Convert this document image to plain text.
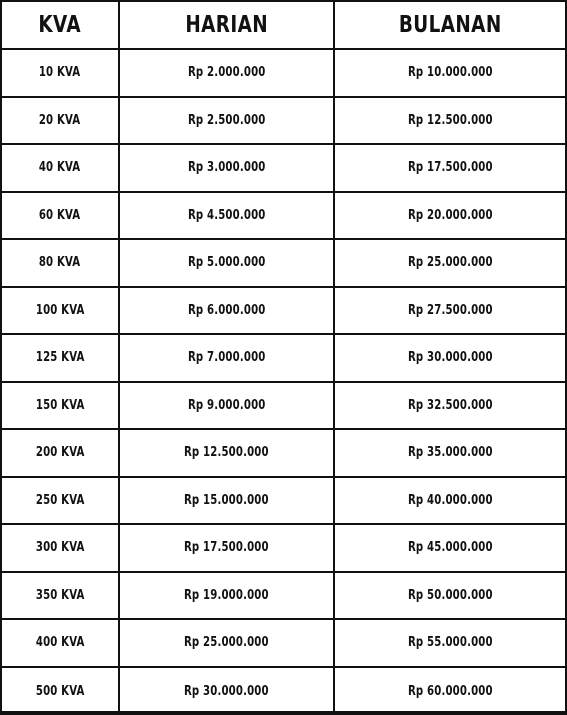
KVA	HARIAN	BULANAN
10 KVA	Rp 2.000.000	Rp 10.000.000
20 KVA	Rp 2.500.000	Rp 12.500.000
40 KVA	Rp 3.000.000	Rp 17.500.000
60 KVA	Rp 4.500.000	Rp 20.000.000
80 KVA	Rp 5.000.000	Rp 25.000.000
100 KVA	Rp 6.000.000	Rp 27.500.000
125 KVA	Rp 7.000.000	Rp 30.000.000
150 KVA	Rp 9.000.000	Rp 32.500.000
200 KVA	Rp 12.500.000	Rp 35.000.000
250 KVA	Rp 15.000.000	Rp 40.000.000
300 KVA	Rp 17.500.000	Rp 45.000.000
350 KVA	Rp 19.000.000	Rp 50.000.000
400 KVA	Rp 25.000.000	Rp 55.000.000
500 KVA	Rp 30.000.000	Rp 60.000.000
